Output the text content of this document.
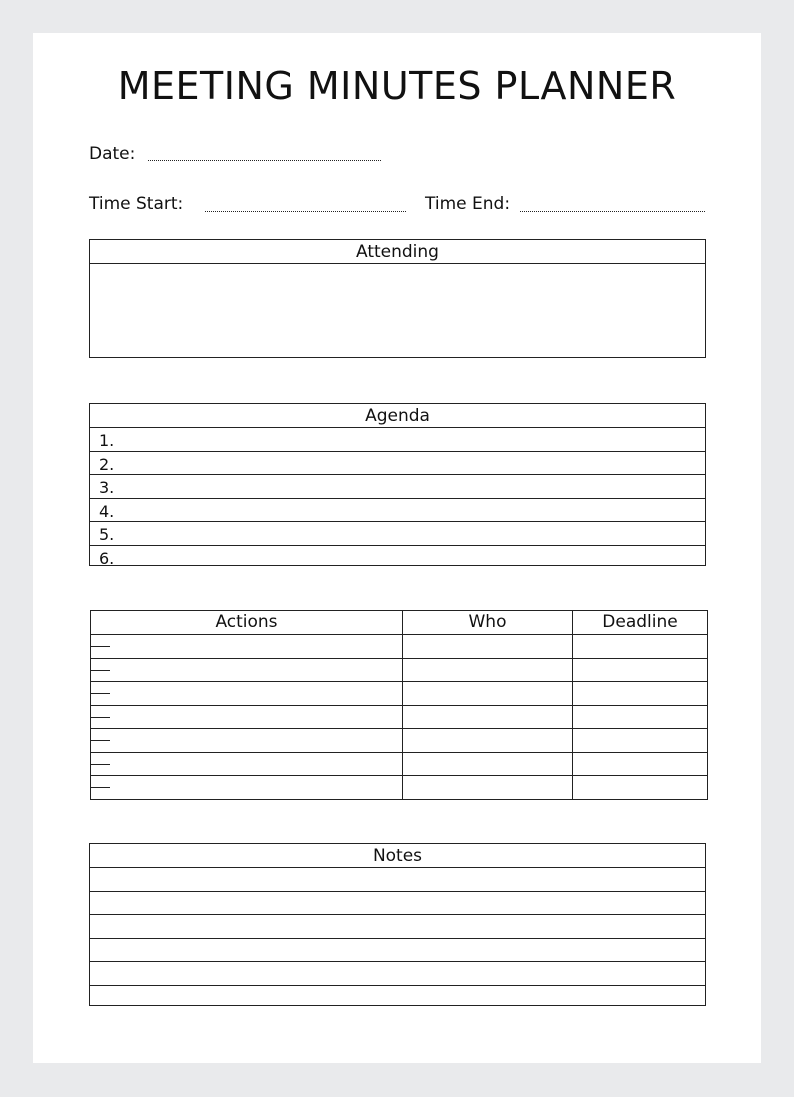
MEETING MINUTES PLANNER
Date:
Time Start:	Time End:
Attending
Agenda
1.
2.
3.
4.
5.
6.
Actions	Who	Deadline

Notes
